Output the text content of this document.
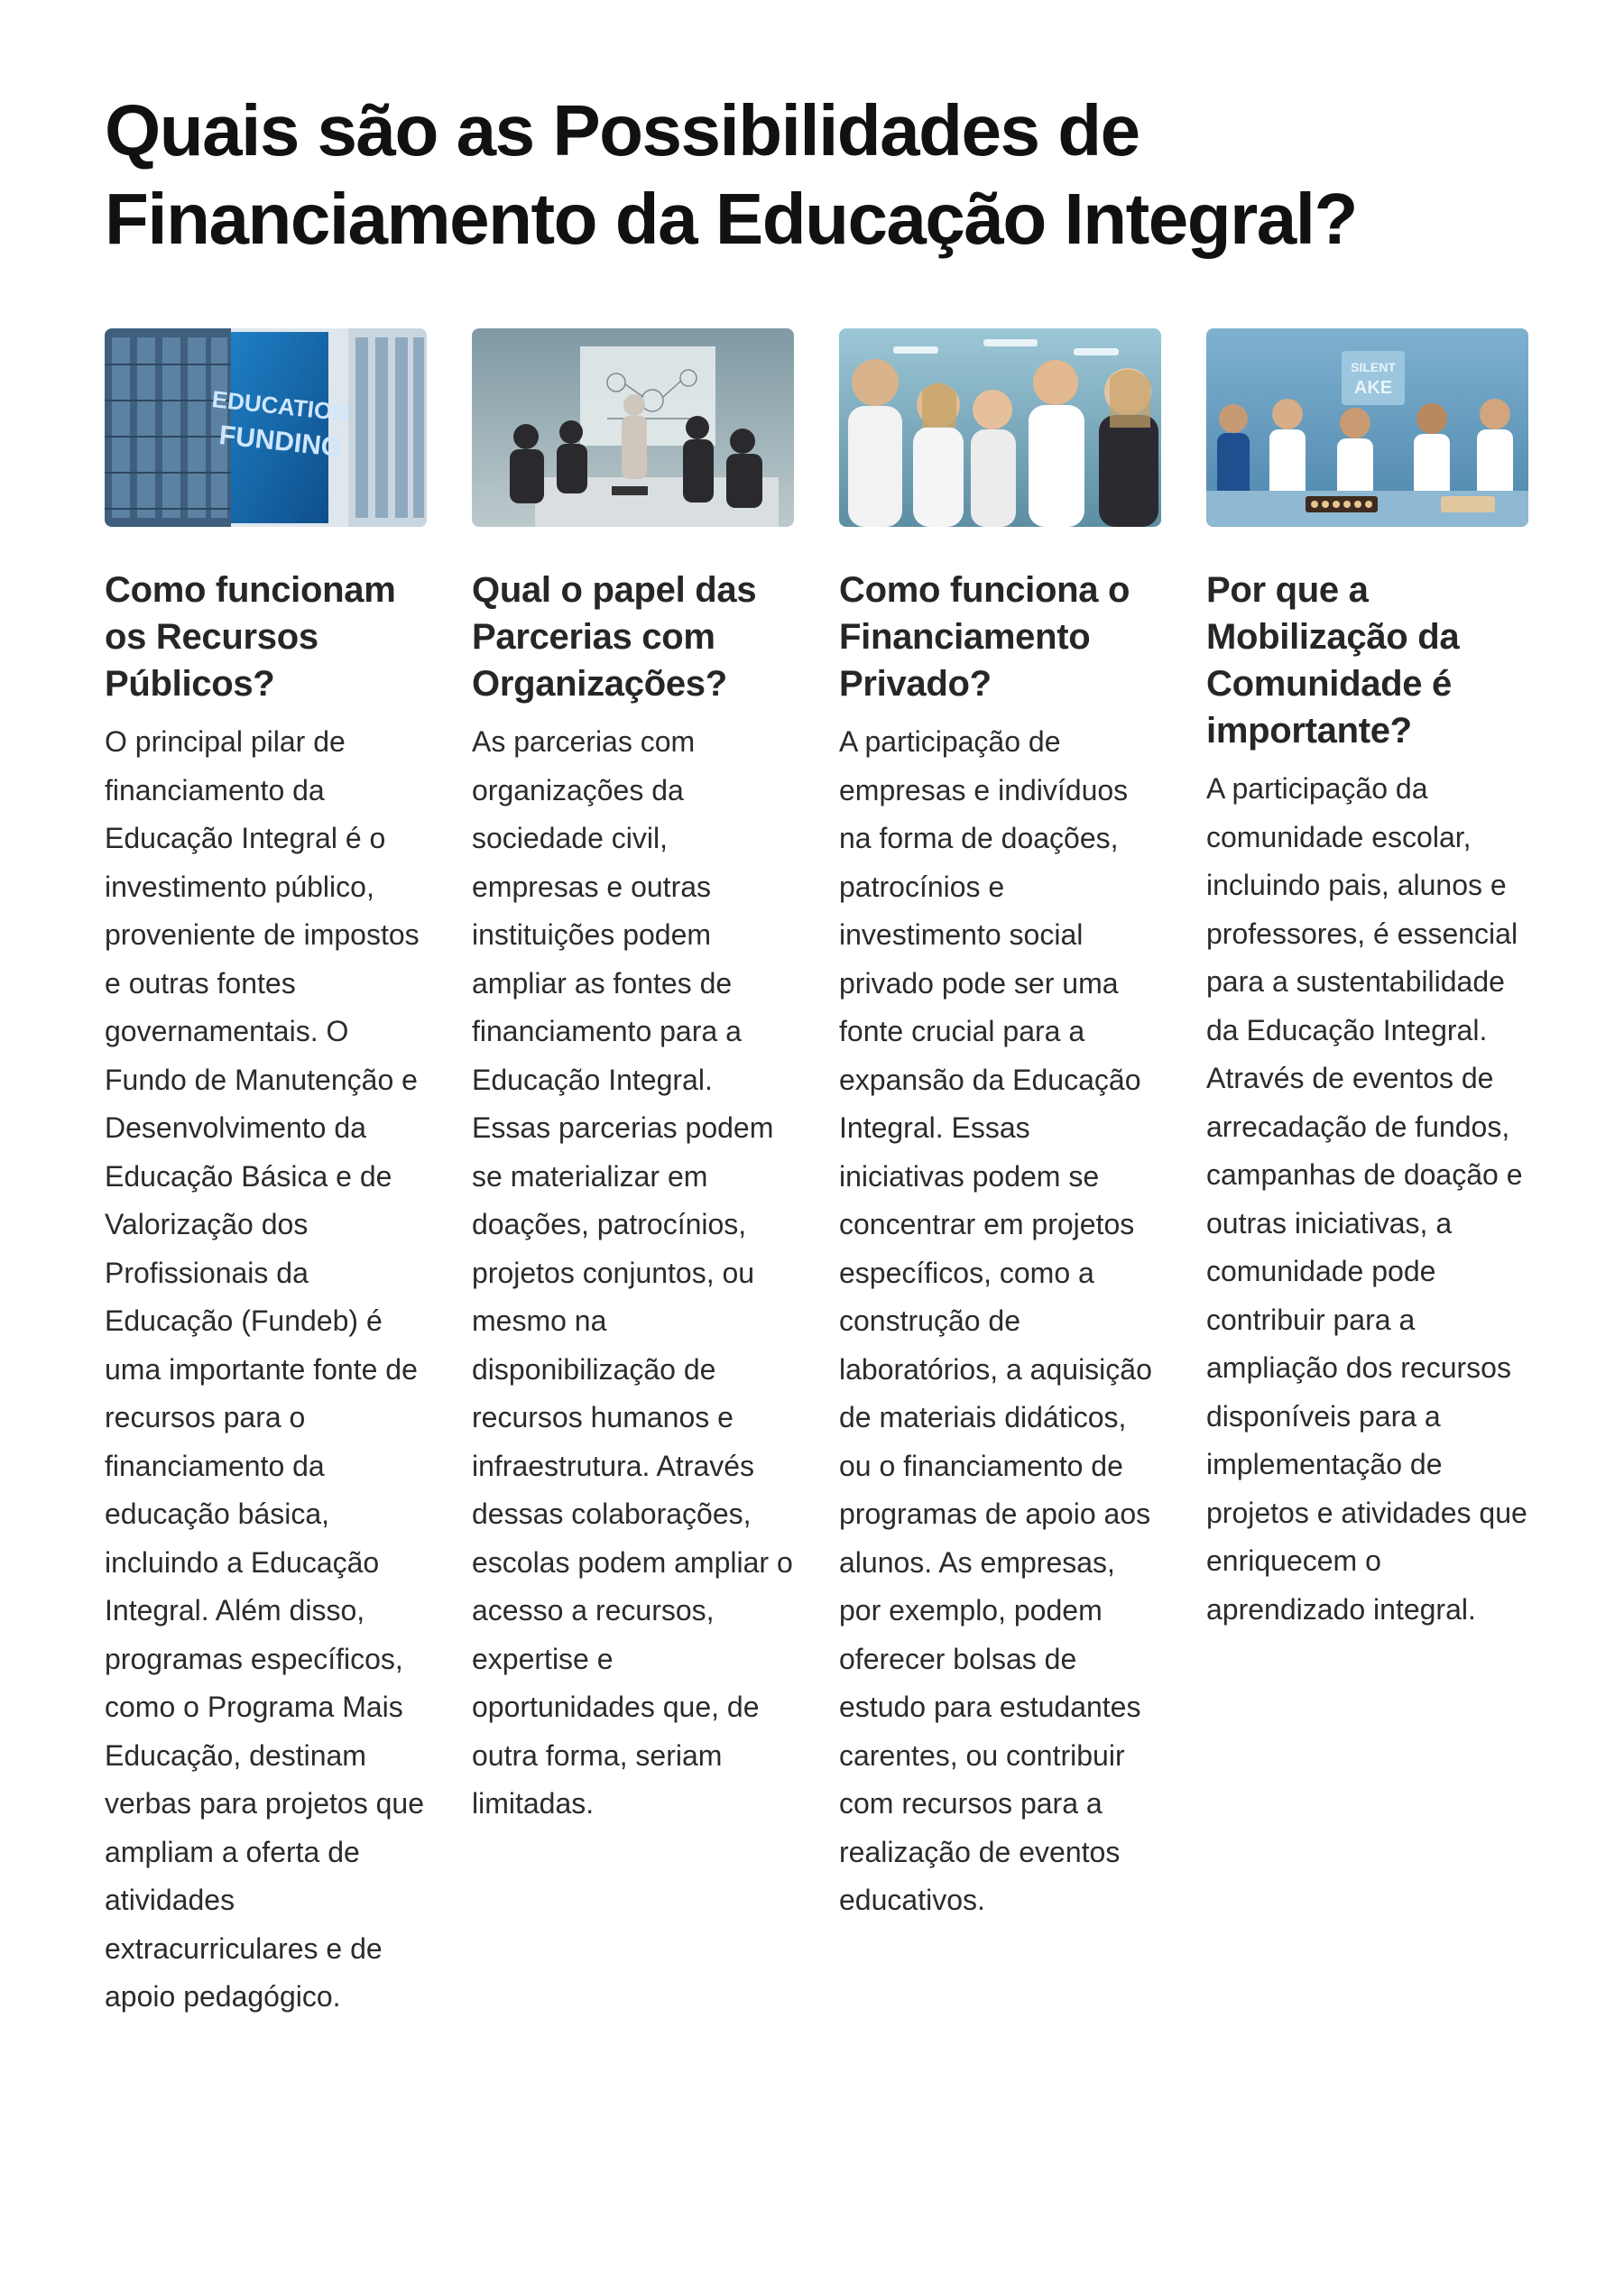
Quais são as Possibilidades de Financiamento da Educação Integral?
EDUCATION
FUNDING
Como funcionam os Recursos Públicos?

O principal pilar de financiamento da Educação Integral é o investimento público, proveniente de impostos e outras fontes governamentais. O Fundo de Manutenção e Desenvolvimento da Educação Básica e de Valorização dos Profissionais da Educação (Fundeb) é uma importante fonte de recursos para o financiamento da educação básica, incluindo a Educação Integral. Além disso, programas específicos, como o Programa Mais Educação, destinam verbas para projetos que ampliam a oferta de atividades extracurriculares e de apoio pedagógico.

Qual o papel das Parcerias com Organizações?

As parcerias com organizações da sociedade civil, empresas e outras instituições podem ampliar as fontes de financiamento para a Educação Integral. Essas parcerias podem se materializar em doações, patrocínios, projetos conjuntos, ou mesmo na disponibilização de recursos humanos e infraestrutura. Através dessas colaborações, escolas podem ampliar o acesso a recursos, expertise e oportunidades que, de outra forma, seriam limitadas.

Como funciona o Financiamento Privado?

A participação de empresas e indivíduos na forma de doações, patrocínios e investimento social privado pode ser uma fonte crucial para a expansão da Educação Integral. Essas iniciativas podem se concentrar em projetos específicos, como a construção de laboratórios, a aquisição de materiais didáticos, ou o financiamento de programas de apoio aos alunos. As empresas, por exemplo, podem oferecer bolsas de estudo para estudantes carentes, ou contribuir com recursos para a realização de eventos educativos.

SILENT
AKE
Por que a Mobilização da Comunidade é importante?

A participação da comunidade escolar, incluindo pais, alunos e professores, é essencial para a sustentabilidade da Educação Integral. Através de eventos de arrecadação de fundos, campanhas de doação e outras iniciativas, a comunidade pode contribuir para a ampliação dos recursos disponíveis para a implementação de projetos e atividades que enriquecem o aprendizado integral.
